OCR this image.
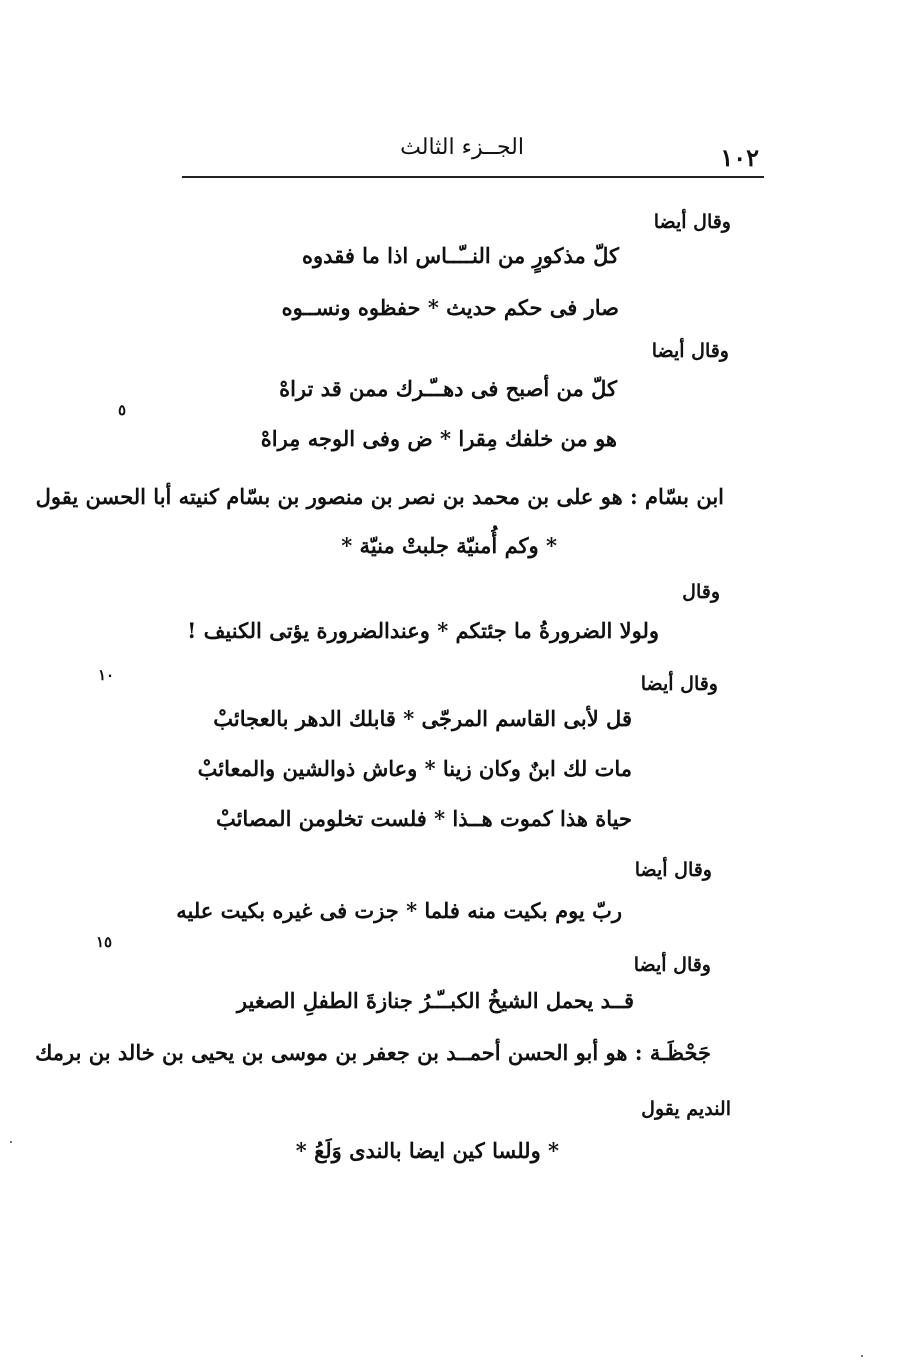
١٠٢
الجــزء الثالث
٥
١٠
١٥
وقال أيضا
كلّ مذكورٍ من النــّــاس اذا ما فقدوه
صار فى حكم حديث * حفظوه ونســوه
وقال أيضا
كلّ من أصبح فى دهــّـرك ممن قد تراهْ
هو من خلفك مِقرا * ض وفى الوجه مِراهْ
ابن بسّام : هو على بن محمد بن نصر بن منصور بن بسّام كنيته أبا الحسن يقول
* وكم أُمنيّة جلبتْ منيّة *
وقال
ولولا الضرورةُ ما جئتكم * وعندالضرورة يؤتى الكنيف !
وقال أيضا
قل لأبى القاسم المرجّى * قابلك الدهر بالعجائبْ
مات لك ابنٌ وكان زينا * وعاش ذوالشين والمعائبْ
حياة هذا كموت هــذا * فلست تخلومن المصائبْ
وقال أيضا
ربّ يوم بكيت منه فلما * جزت فى غيره بكيت عليه
وقال أيضا
قــد يحمل الشيخُ الكبــّـرُ جنازةَ الطفلِ الصغير
جَحْظَـة : هو أبو الحسن أحمــد بن جعفر بن موسى بن يحيى بن خالد بن برمك
النديم يقول
* وللسا كين ايضا بالندى وَلَعُ *
